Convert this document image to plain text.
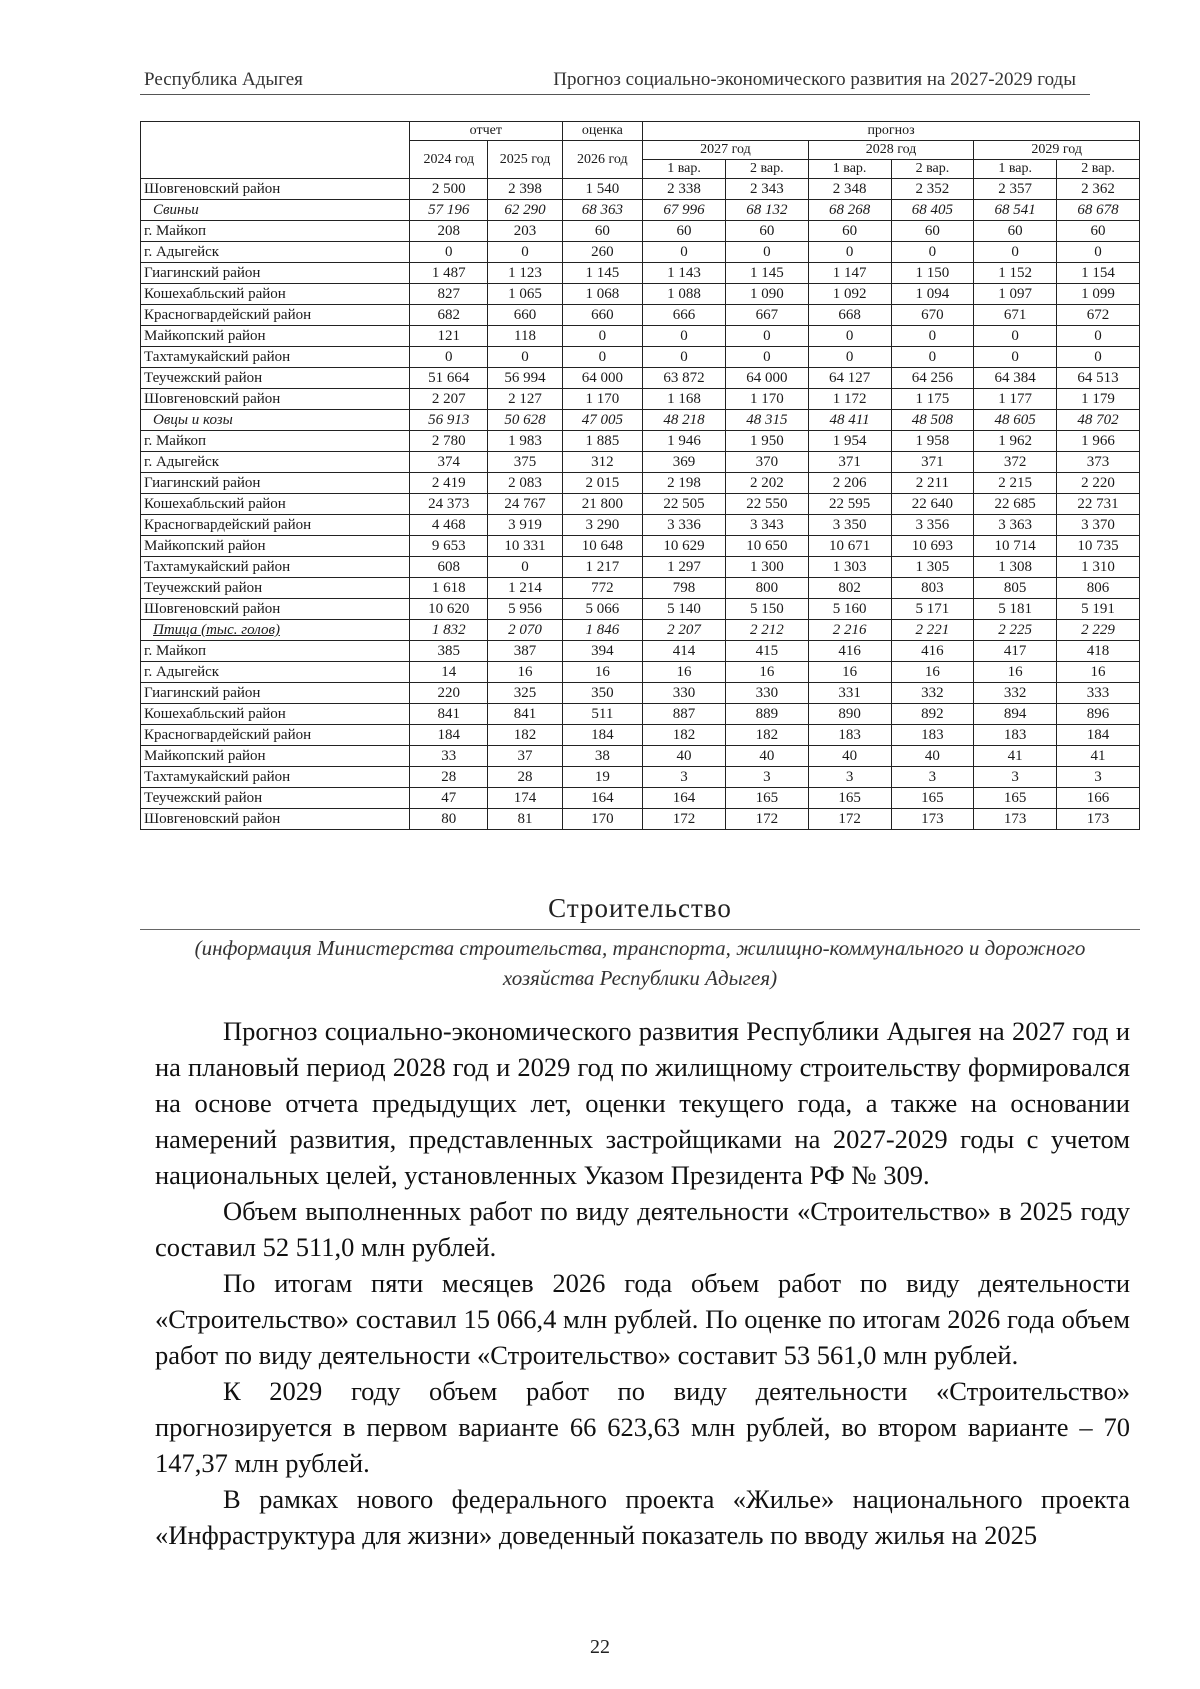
Республика Адыгея	Прогноз социально-экономического развития на 2027-2029 годы
	отчет		оценка	прогноз					
	2024 год	2025 год	2026 год	2027 год		2028 год		2029 год	
				1 вар.	2 вар.	1 вар.	2 вар.	1 вар.	2 вар.
Шовгеновский район	2 500	2 398	1 540	2 338	2 343	2 348	2 352	2 357	2 362
Свиньи	57 196	62 290	68 363	67 996	68 132	68 268	68 405	68 541	68 678
г. Майкоп	208	203	60	60	60	60	60	60	60
г. Адыгейск	0	0	260	0	0	0	0	0	0
Гиагинский район	1 487	1 123	1 145	1 143	1 145	1 147	1 150	1 152	1 154
Кошехабльский район	827	1 065	1 068	1 088	1 090	1 092	1 094	1 097	1 099
Красногвардейский район	682	660	660	666	667	668	670	671	672
Майкопский район	121	118	0	0	0	0	0	0	0
Тахтамукайский район	0	0	0	0	0	0	0	0	0
Теучежский район	51 664	56 994	64 000	63 872	64 000	64 127	64 256	64 384	64 513
Шовгеновский район	2 207	2 127	1 170	1 168	1 170	1 172	1 175	1 177	1 179
Овцы и козы	56 913	50 628	47 005	48 218	48 315	48 411	48 508	48 605	48 702
г. Майкоп	2 780	1 983	1 885	1 946	1 950	1 954	1 958	1 962	1 966
г. Адыгейск	374	375	312	369	370	371	371	372	373
Гиагинский район	2 419	2 083	2 015	2 198	2 202	2 206	2 211	2 215	2 220
Кошехабльский район	24 373	24 767	21 800	22 505	22 550	22 595	22 640	22 685	22 731
Красногвардейский район	4 468	3 919	3 290	3 336	3 343	3 350	3 356	3 363	3 370
Майкопский район	9 653	10 331	10 648	10 629	10 650	10 671	10 693	10 714	10 735
Тахтамукайский район	608	0	1 217	1 297	1 300	1 303	1 305	1 308	1 310
Теучежский район	1 618	1 214	772	798	800	802	803	805	806
Шовгеновский район	10 620	5 956	5 066	5 140	5 150	5 160	5 171	5 181	5 191
Птица (тыс. голов)	1 832	2 070	1 846	2 207	2 212	2 216	2 221	2 225	2 229
г. Майкоп	385	387	394	414	415	416	416	417	418
г. Адыгейск	14	16	16	16	16	16	16	16	16
Гиагинский район	220	325	350	330	330	331	332	332	333
Кошехабльский район	841	841	511	887	889	890	892	894	896
Красногвардейский район	184	182	184	182	182	183	183	183	184
Майкопский район	33	37	38	40	40	40	40	41	41
Тахтамукайский район	28	28	19	3	3	3	3	3	3
Теучежский район	47	174	164	164	165	165	165	165	166
Шовгеновский район	80	81	170	172	172	172	173	173	173
Строительство
(информация Министерства строительства, транспорта, жилищно-коммунального и дорожного хозяйства Республики Адыгея)

Прогноз социально-экономического развития Республики Адыгея на 2027 год и на плановый период 2028 год и 2029 год по жилищному строительству формировался на основе отчета предыдущих лет, оценки текущего года, а также на основании намерений развития, представленных застройщиками на 2027-2029 годы с учетом национальных целей, установленных Указом Президента РФ № 309.

Объем выполненных работ по виду деятельности «Строительство» в 2025 году составил 52 511,0 млн рублей.

По итогам пяти месяцев 2026 года объем работ по виду деятельности «Строительство» составил 15 066,4 млн рублей. По оценке по итогам 2026 года объем работ по виду деятельности «Строительство» составит 53 561,0 млн рублей.

К 2029 году объем работ по виду деятельности «Строительство» прогнозируется в первом варианте 66 623,63 млн рублей, во втором варианте – 70 147,37 млн рублей.

В рамках нового федерального проекта «Жилье» национального проекта «Инфраструктура для жизни» доведенный показатель по вводу жилья на 2025

22
